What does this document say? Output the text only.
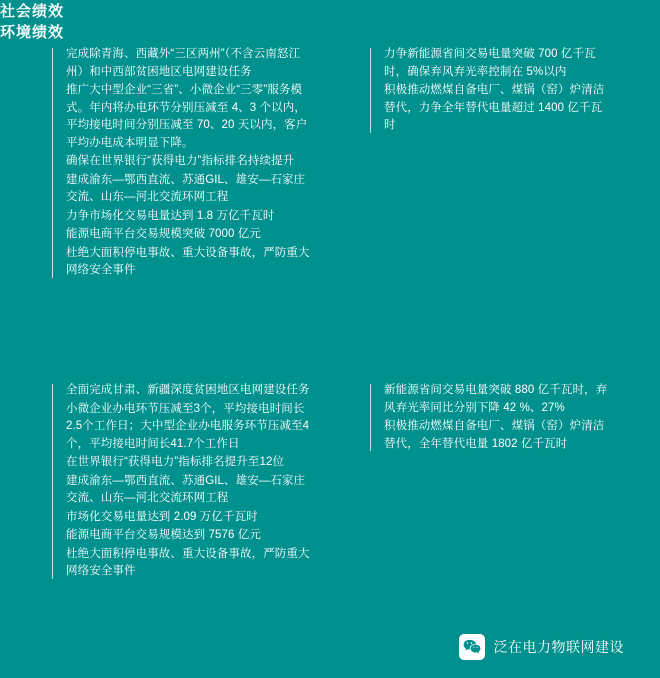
完成除青海、西藏外“三区两州”（不含云南怒江州）和中西部贫困地区电网建设任务

推广大中型企业“三省”、小微企业“三零”服务模式。年内将办电环节分别压减至 4、3 个以内，平均接电时间分别压减至 70、20 天以内，客户平均办电成本明显下降。

确保在世界银行“获得电力”指标排名持续提升

建成渝东—鄂西直流、苏通GIL、雄安—石家庄交流、山东—河北交流环网工程

力争市场化交易电量达到 1.8 万亿千瓦时

能源电商平台交易规模突破 7000 亿元

杜绝大面积停电事故、重大设备事故，严防重大网络安全事件

力争新能源省间交易电量突破 700 亿千瓦时，确保弃风弃光率控制在 5%以内

积极推动燃煤自备电厂、煤锅（窑）炉清洁替代，力争全年替代电量超过 1400 亿千瓦时

社会绩效
环境绩效

全面完成甘肃、新疆深度贫困地区电网建设任务

小微企业办电环节压减至3个，平均接电时间长2.5个工作日；大中型企业办电服务环节压减至4个，平均接电时间长41.7个工作日

在世界银行“获得电力”指标排名提升至12位

建成渝东—鄂西直流、苏通GIL、雄安—石家庄交流、山东—河北交流环网工程

市场化交易电量达到 2.09 万亿千瓦时

能源电商平台交易规模达到 7576 亿元

杜绝大面积停电事故、重大设备事故，严防重大网络安全事件

新能源省间交易电量突破 880 亿千瓦时，弃风弃光率同比分别下降 42 %、27%

积极推动燃煤自备电厂、煤锅（窑）炉清洁替代，全年替代电量 1802 亿千瓦时

泛在电力物联网建设
